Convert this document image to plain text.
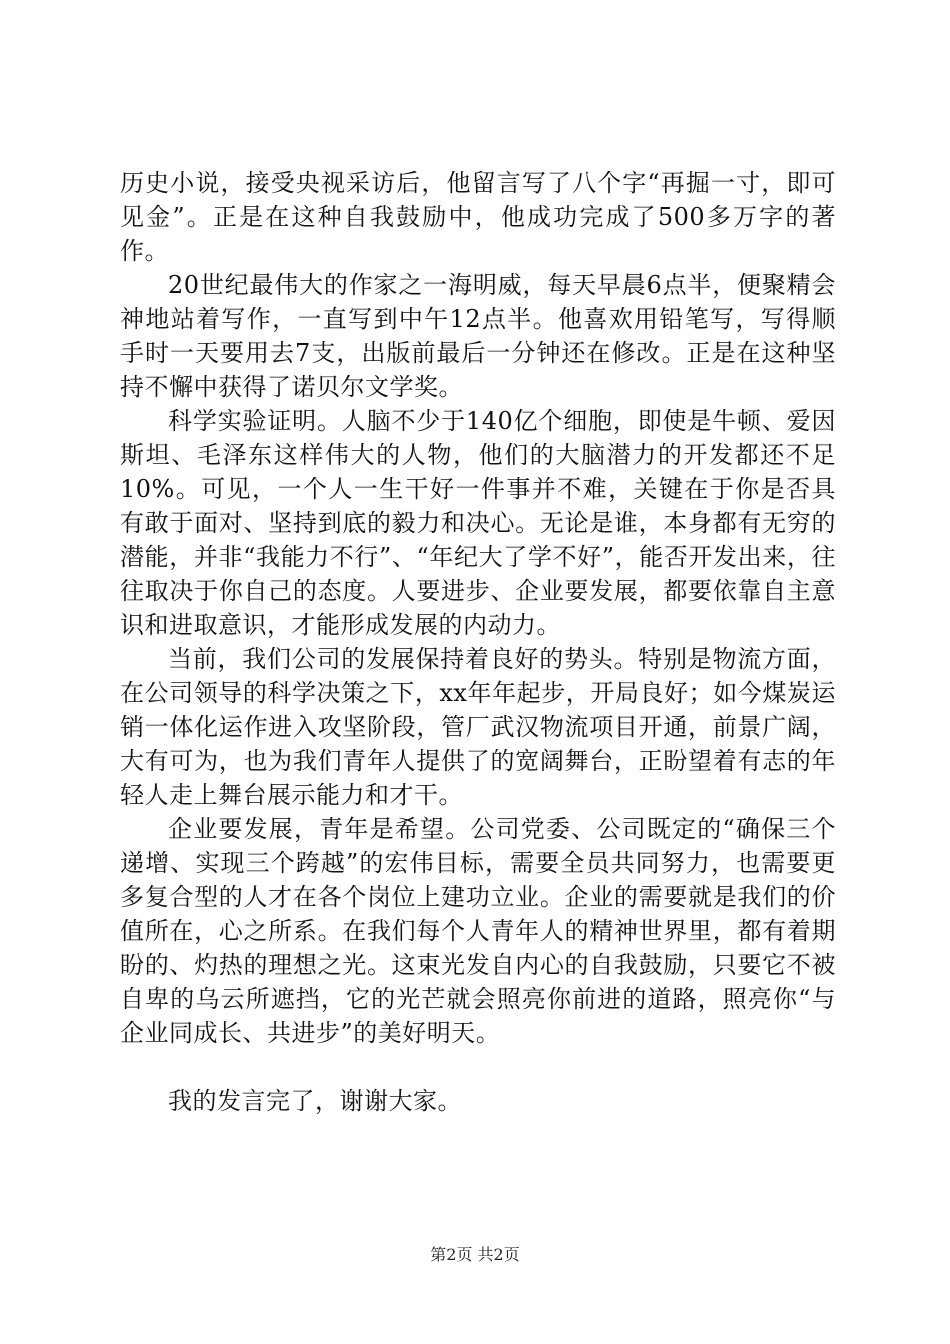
历史小说，接受央视采访后，他留言写了八个字“再掘一寸，即可见金”。正是在这种自我鼓励中，他成功完成了500多万字的著作。

20世纪最伟大的作家之一海明威，每天早晨6点半，便聚精会神地站着写作，一直写到中午12点半。他喜欢用铅笔写，写得顺手时一天要用去7支，出版前最后一分钟还在修改。正是在这种坚持不懈中获得了诺贝尔文学奖。

科学实验证明。人脑不少于140亿个细胞，即使是牛顿、爱因斯坦、毛泽东这样伟大的人物，他们的大脑潜力的开发都还不足10%。可见，一个人一生干好一件事并不难，关键在于你是否具有敢于面对、坚持到底的毅力和决心。无论是谁，本身都有无穷的潜能，并非“我能力不行”、“年纪大了学不好”，能否开发出来，往往取决于你自己的态度。人要进步、企业要发展，都要依靠自主意识和进取意识，才能形成发展的内动力。

当前，我们公司的发展保持着良好的势头。特别是物流方面，在公司领导的科学决策之下，xx年年起步，开局良好；如今煤炭运销一体化运作进入攻坚阶段，管厂武汉物流项目开通，前景广阔，大有可为，也为我们青年人提供了的宽阔舞台，正盼望着有志的年轻人走上舞台展示能力和才干。

企业要发展，青年是希望。公司党委、公司既定的“确保三个递增、实现三个跨越”的宏伟目标，需要全员共同努力，也需要更多复合型的人才在各个岗位上建功立业。企业的需要就是我们的价值所在，心之所系。在我们每个人青年人的精神世界里，都有着期盼的、灼热的理想之光。这束光发自内心的自我鼓励，只要它不被自卑的乌云所遮挡，它的光芒就会照亮你前进的道路，照亮你“与企业同成长、共进步”的美好明天。

我的发言完了，谢谢大家。

第2页 共2页
